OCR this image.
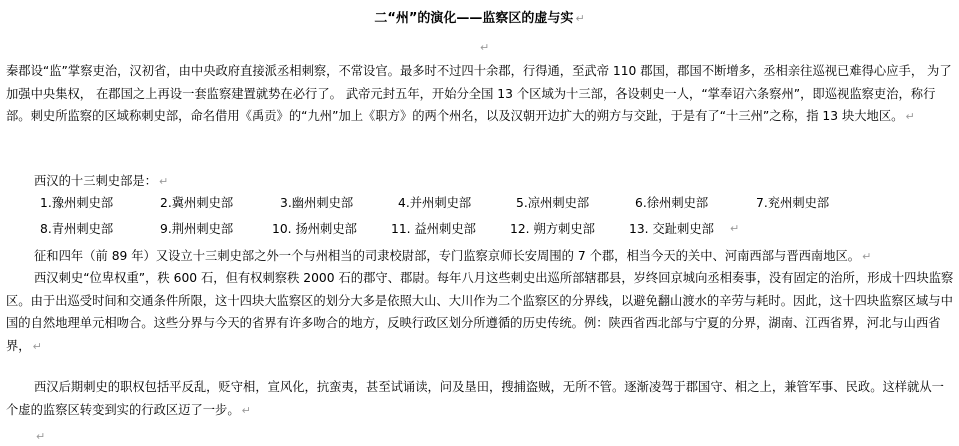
二“州”的演化——监察区的虚与实 ↵
↵
秦郡设“监”掌察吏治，汉初省，由中央政府直接派丞相刺察，不常设官。最多时不过四十余郡，行得通，至武帝 110 郡国，郡国不断增多，丞相亲往巡视已难得心应手， 为了加强中央集权， 在郡国之上再设一套监察建置就势在必行了。 武帝元封五年，开始分全国 13 个区域为十三部，各设刺史一人，“掌奉诏六条察州”，即巡视监察吏治，称行部。刺史所监察的区域称刺史部，命名借用《禹贡》的“九州”加上《职方》的两个州名，以及汉朝开边扩大的朔方与交趾，于是有了“十三州”之称，指 13 块大地区。 ↵
西汉的十三刺史部是： ↵
1.豫州刺史部	2.冀州刺史部	3.幽州刺史部	4.并州刺史部	5.凉州刺史部	6.徐州刺史部	7.兖州刺史部
8.青州刺史部	9.荆州刺史部	10. 扬州刺史部	11. 益州刺史部	12. 朔方刺史部	13. 交趾刺史部 ↵
征和四年（前 89 年）又设立十三刺史部之外一个与州相当的司隶校尉部，专门监察京师长安周围的 7 个郡，相当今天的关中、河南西部与晋西南地区。 ↵
西汉刺史“位卑权重”，秩 600 石，但有权刺察秩 2000 石的郡守、郡尉。每年八月这些刺史出巡所部辖郡县，岁终回京城向丞相奏事，没有固定的治所，形成十四块监察区。由于出巡受时间和交通条件所限，这十四块大监察区的划分大多是依照大山、大川作为二个监察区的分界线，以避免翻山渡水的辛劳与耗时。因此，这十四块监察区域与中国的自然地理单元相吻合。这些分界与今天的省界有许多吻合的地方，反映行政区划分所遵循的历史传统。例：陕西省西北部与宁夏的分界，湖南、江西省界，河北与山西省界， ↵
西汉后期刺史的职权包括平反乱，贬守相，宣风化，抗蛮夷，甚至试诵读，问及垦田，搜捕盗贼，无所不管。逐渐凌驾于郡国守、相之上，兼管军事、民政。这样就从一个虚的监察区转变到实的行政区迈了一步。 ↵
↵
